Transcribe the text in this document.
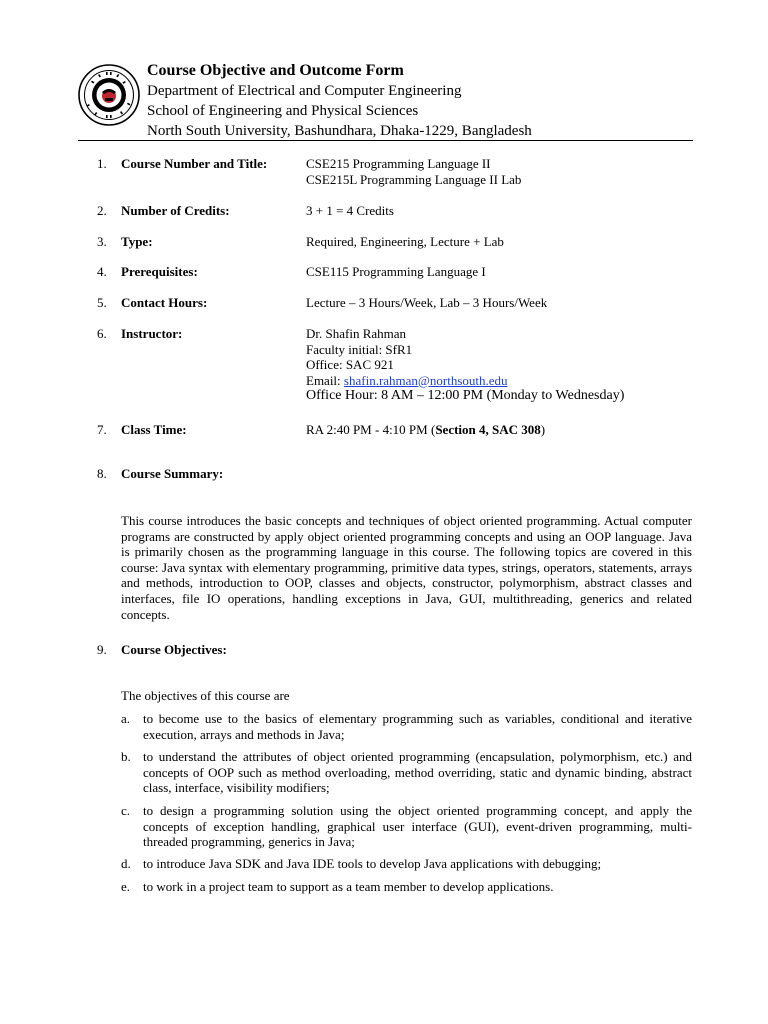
Course Objective and Outcome Form
Department of Electrical and Computer Engineering
School of Engineering and Physical Sciences
North South University, Bashundhara, Dhaka-1229, Bangladesh
1.	Course Number and Title:	CSE215 Programming Language II
CSE215L Programming Language II Lab
2.	Number of Credits:	3 + 1 = 4 Credits
3.	Type:	Required, Engineering, Lecture + Lab
4.	Prerequisites:	CSE115 Programming Language I
5.	Contact Hours:	Lecture – 3 Hours/Week, Lab – 3 Hours/Week
6.	Instructor:	Dr. Shafin Rahman
Faculty initial: SfR1
Office: SAC 921
Email: shafin.rahman@northsouth.edu
Office Hour: 8 AM – 12:00 PM (Monday to Wednesday)
7.	Class Time:	RA 2:40 PM - 4:10 PM (Section 4, SAC 308)
8.	Course Summary:
This course introduces the basic concepts and techniques of object oriented programming. Actual computer programs are constructed by apply object oriented programming concepts and using an OOP language. Java is primarily chosen as the programming language in this course. The following topics are covered in this course: Java syntax with elementary programming, primitive data types, strings, operators, statements, arrays and methods, introduction to OOP, classes and objects, constructor, polymorphism, abstract classes and interfaces, file IO operations, handling exceptions in Java, GUI, multithreading, generics and related concepts.
9.	Course Objectives:
The objectives of this course are
a. to become use to the basics of elementary programming such as variables, conditional and iterative execution, arrays and methods in Java;
b. to understand the attributes of object oriented programming (encapsulation, polymorphism, etc.) and concepts of OOP such as method overloading, method overriding, static and dynamic binding, abstract class, interface, visibility modifiers;
c. to design a programming solution using the object oriented programming concept, and apply the concepts of exception handling, graphical user interface (GUI), event-driven programming, multi-threaded programming, generics in Java;
d. to introduce Java SDK and Java IDE tools to develop Java applications with debugging;
e. to work in a project team to support as a team member to develop applications.
